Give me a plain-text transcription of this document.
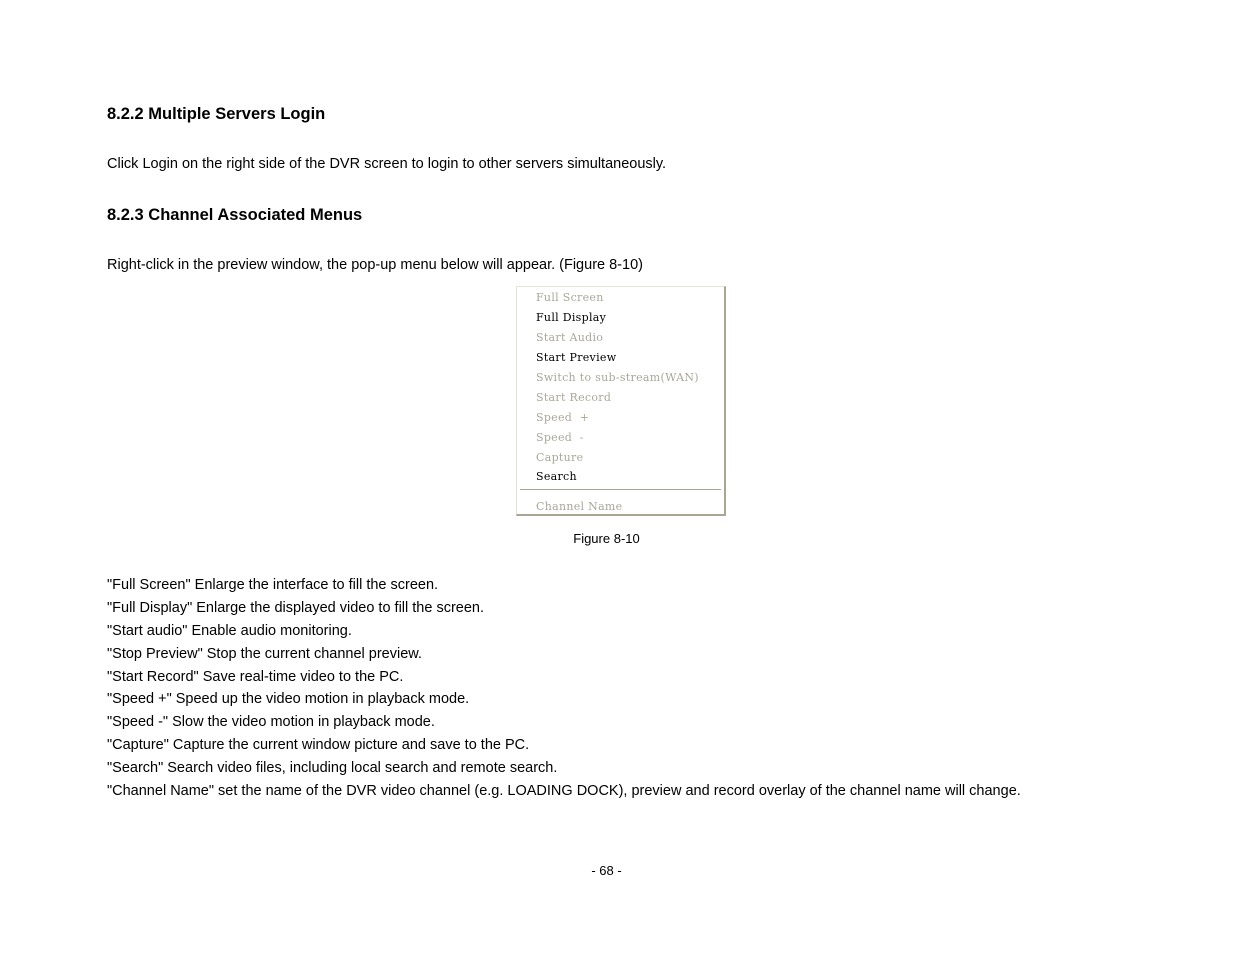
8.2.2 Multiple Servers Login

Click Login on the right side of the DVR screen to login to other servers simultaneously.

8.2.3 Channel Associated Menus

Right-click in the preview window, the pop-up menu below will appear. (Figure 8-10)

Full Screen
Full Display
Start Audio
Start Preview
Switch to sub-stream(WAN)
Start Record
Speed  +
Speed  -
Capture
Search
Channel Name
Figure 8-10

"Full Screen" Enlarge the interface to fill the screen.

"Full Display" Enlarge the displayed video to fill the screen.

"Start audio" Enable audio monitoring.

"Stop Preview" Stop the current channel preview.

"Start Record" Save real-time video to the PC.

"Speed +" Speed up the video motion in playback mode.

"Speed -" Slow the video motion in playback mode.

"Capture" Capture the current window picture and save to the PC.

"Search" Search video files, including local search and remote search.

"Channel Name" set the name of the DVR video channel (e.g. LOADING DOCK), preview and record overlay of the channel name will change.

- 68 -
